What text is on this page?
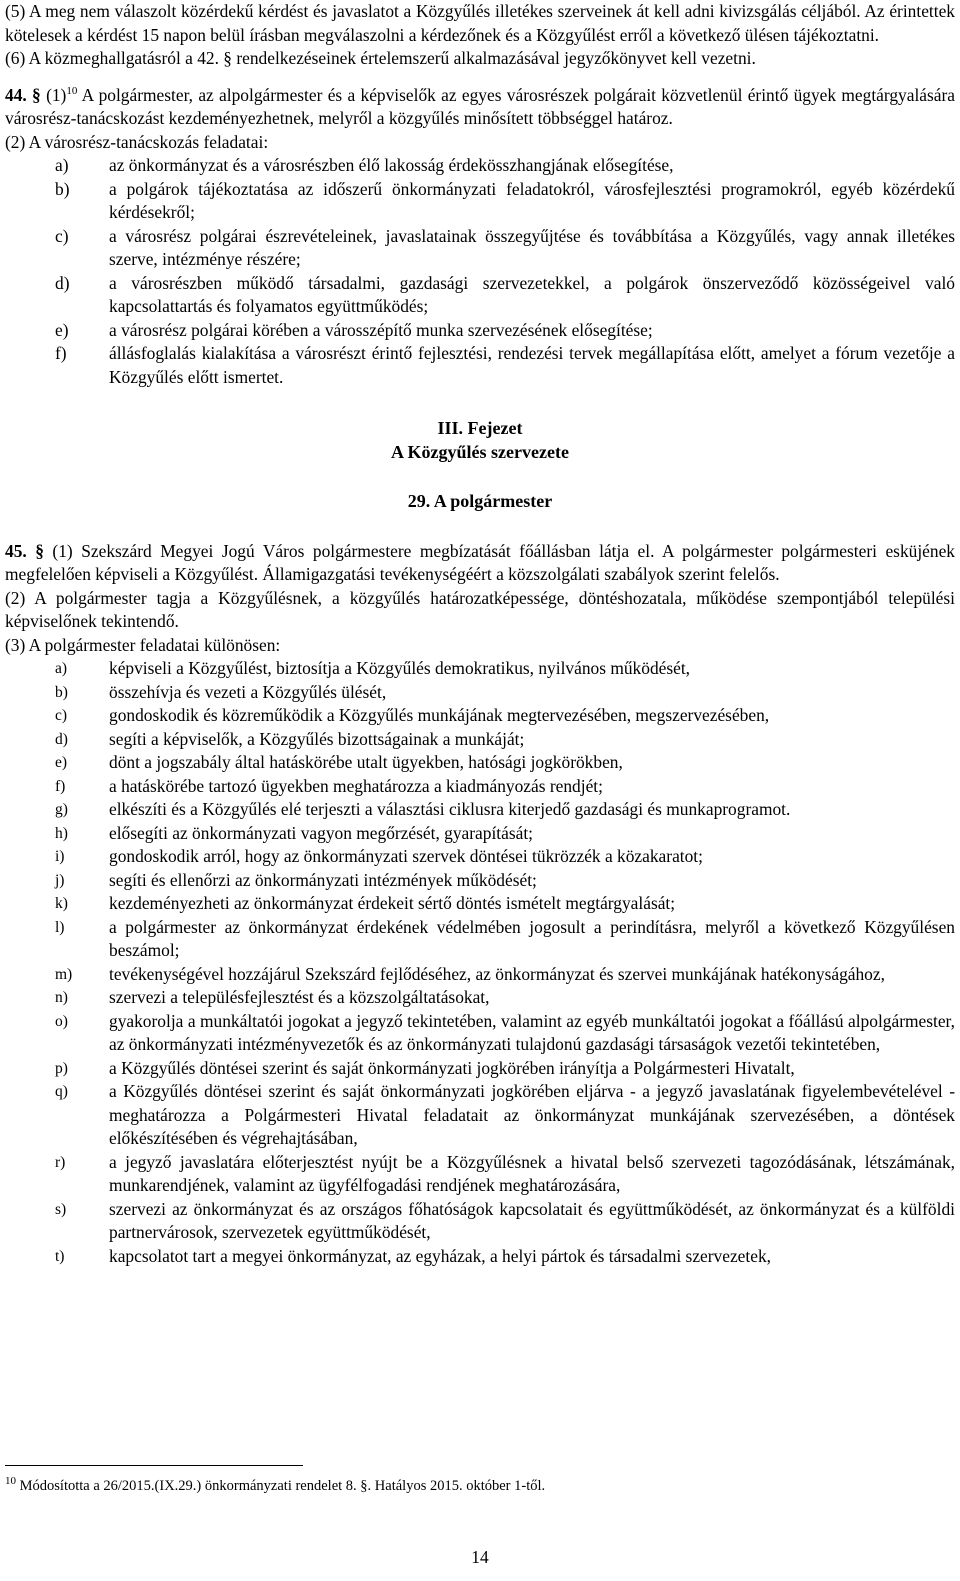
(5) A meg nem válaszolt közérdekű kérdést és javaslatot a Közgyűlés illetékes szerveinek át kell adni kivizsgálás céljából. Az érintettek kötelesek a kérdést 15 napon belül írásban megválaszolni a kérdezőnek és a Közgyűlést erről a következő ülésen tájékoztatni.

(6) A közmeghallgatásról a 42. § rendelkezéseinek értelemszerű alkalmazásával jegyzőkönyvet kell vezetni.

44. § $(1)^{10}$ A polgármester, az alpolgármester és a képviselők az egyes városrészek polgárait közvetlenül érintő ügyek megtárgyalására városrész-tanácskozást kezdeményezhetnek, melyről a közgyűlés minősített többséggel határoz.

(2) A városrész-tanácskozás feladatai:

a)	az önkormányzat és a városrészben élő lakosság érdekösszhangjának elősegítése,
b)	a polgárok tájékoztatása az időszerű önkormányzati feladatokról, városfejlesztési programokról, egyéb közérdekű kérdésekről;
c)	a városrész polgárai észrevételeinek, javaslatainak összegyűjtése és továbbítása a Közgyűlés, vagy annak illetékes szerve, intézménye részére;
d)	a városrészben működő társadalmi, gazdasági szervezetekkel, a polgárok önszerveződő közösségeivel való kapcsolattartás és folyamatos együttműködés;
e)	a városrész polgárai körében a városszépítő munka szervezésének elősegítése;
f)	állásfoglalás kialakítása a városrészt érintő fejlesztési, rendezési tervek megállapítása előtt, amelyet a fórum vezetője a Közgyűlés előtt ismertet.

III. Fejezet

A Közgyűlés szervezete

29. A polgármester

45. § (1) Szekszárd Megyei Jogú Város polgármestere megbízatását főállásban látja el. A polgármester polgármesteri esküjének megfelelően képviseli a Közgyűlést. Államigazgatási tevékenységéért a közszolgálati szabályok szerint felelős.

(2) A polgármester tagja a Közgyűlésnek, a közgyűlés határozatképessége, döntéshozatala, működése szempontjából települési képviselőnek tekintendő.

(3) A polgármester feladatai különösen:

a)	képviseli a Közgyűlést, biztosítja a Közgyűlés demokratikus, nyilvános működését,
b)	összehívja és vezeti a Közgyűlés ülését,
c)	gondoskodik és közreműködik a Közgyűlés munkájának megtervezésében, megszervezésében,
d)	segíti a képviselők, a Közgyűlés bizottságainak a munkáját;
e)	dönt a jogszabály által hatáskörébe utalt ügyekben, hatósági jogkörökben,
f)	a hatáskörébe tartozó ügyekben meghatározza a kiadmányozás rendjét;
g)	elkészíti és a Közgyűlés elé terjeszti a választási ciklusra kiterjedő gazdasági és munkaprogramot.
h)	elősegíti az önkormányzati vagyon megőrzését, gyarapítását;
i)	gondoskodik arról, hogy az önkormányzati szervek döntései tükrözzék a közakaratot;
j)	segíti és ellenőrzi az önkormányzati intézmények működését;
k)	kezdeményezheti az önkormányzat érdekeit sértő döntés ismételt megtárgyalását;
l)	a polgármester az önkormányzat érdekének védelmében jogosult a perindításra, melyről a következő Közgyűlésen beszámol;
m)	tevékenységével hozzájárul Szekszárd fejlődéséhez, az önkormányzat és szervei munkájának hatékonyságához,
n)	szervezi a településfejlesztést és a közszolgáltatásokat,
o)	gyakorolja a munkáltatói jogokat a jegyző tekintetében, valamint az egyéb munkáltatói jogokat a főállású alpolgármester, az önkormányzati intézményvezetők és az önkormányzati tulajdonú gazdasági társaságok vezetői tekintetében,
p)	a Közgyűlés döntései szerint és saját önkormányzati jogkörében irányítja a Polgármesteri Hivatalt,
q)	a Közgyűlés döntései szerint és saját önkormányzati jogkörében eljárva - a jegyző javaslatának figyelembevételével - meghatározza a Polgármesteri Hivatal feladatait az önkormányzat munkájának szervezésében, a döntések előkészítésében és végrehajtásában,
r)	a jegyző javaslatára előterjesztést nyújt be a Közgyűlésnek a hivatal belső szervezeti tagozódásának, létszámának, munkarendjének, valamint az ügyfélfogadási rendjének meghatározására,
s)	szervezi az önkormányzat és az országos főhatóságok kapcsolatait és együttműködését, az önkormányzat és a külföldi partnervárosok, szervezetek együttműködését,
t)	kapcsolatot tart a megyei önkormányzat, az egyházak, a helyi pártok és társadalmi szervezetek,
$^{10}$ Módosította a 26/2015.(IX.29.) önkormányzati rendelet 8. §. Hatályos 2015. október 1-től.
14
